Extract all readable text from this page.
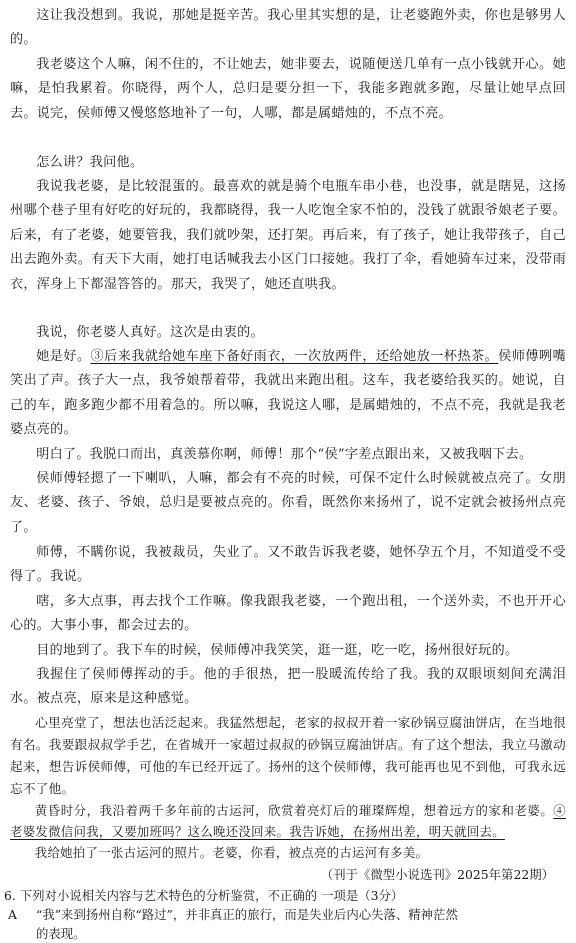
这让我没想到。我说，那她是挺辛苦。我心里其实想的是，让老婆跑外卖，你也是够男人的。

我老婆这个人嘛，闲不住的，不让她去，她非要去，说随便送几单有一点小钱就开心。她嘛，是怕我累着。你晓得，两个人，总归是要分担一下，我能多跑就多跑，尽量让她早点回去。说完，侯师傅又慢悠悠地补了一句，人哪，都是属蜡烛的，不点不亮。

怎么讲？我问他。

我说我老婆，是比较混蛋的。最喜欢的就是骑个电瓶车串小巷，也没事，就是瞎晃，这扬州哪个巷子里有好吃的好玩的，我都晓得，我一人吃饱全家不怕的，没钱了就跟爷娘老子要。后来，有了老婆，她要管我，我们就吵架，还打架。再后来，有了孩子，她让我带孩子，自己出去跑外卖。有天下大雨，她打电话喊我去小区门口接她。我打了伞，看她骑车过来，没带雨衣，浑身上下都湿答答的。那天，我哭了，她还直哄我。

我说，你老婆人真好。这次是由衷的。

她是好。③后来我就给她车座下备好雨衣，一次放两件，还给她放一杯热茶。侯师傅咧嘴笑出了声。孩子大一点，我爷娘帮着带，我就出来跑出租。这车，我老婆给我买的。她说，自己的车，跑多跑少都不用着急的。所以嘛，我说这人哪，是属蜡烛的，不点不亮，我就是我老婆点亮的。

明白了。我脱口而出，真羡慕你啊，师傅！那个“侯”字差点跟出来，又被我咽下去。

侯师傅轻摁了一下喇叭，人嘛，都会有不亮的时候，可保不定什么时候就被点亮了。女朋友、老婆、孩子、爷娘，总归是要被点亮的。你看，既然你来扬州了，说不定就会被扬州点亮了。

师傅，不瞒你说，我被裁员，失业了。又不敢告诉我老婆，她怀孕五个月，不知道受不受得了。我说。

嗐，多大点事，再去找个工作嘛。像我跟我老婆，一个跑出租，一个送外卖，不也开开心心的。大事小事，都会过去的。

目的地到了。我下车的时候，侯师傅冲我笑笑，逛一逛，吃一吃，扬州很好玩的。

我握住了侯师傅挥动的手。他的手很热，把一股暖流传给了我。我的双眼顷刻间充满泪水。被点亮，原来是这种感觉。

心里亮堂了，想法也活泛起来。我猛然想起，老家的叔叔开着一家砂锅豆腐油饼店，在当地很有名。我要跟叔叔学手艺，在省城开一家超过叔叔的砂锅豆腐油饼店。有了这个想法，我立马激动起来，想告诉侯师傅，可他的车已经开远了。扬州的这个侯师傅，我可能再也见不到他，可我永远忘不了他。

黄昏时分，我沿着两千多年前的古运河，欣赏着亮灯后的璀璨辉煌，想着远方的家和老婆。④老婆发微信问我，又要加班吗？这么晚还没回来。我告诉她，在扬州出差，明天就回去。

我给她拍了一张古运河的照片。老婆，你看，被点亮的古运河有多美。

（刊于《微型小说选刊》2025年第22期）
6. 下列对小说相关内容与艺术特色的分析鉴赏，不正确的 一项是（3分）
A “我”来到扬州自称“路过”，并非真正的旅行，而是失业后内心失落、精神茫然
的表现。
